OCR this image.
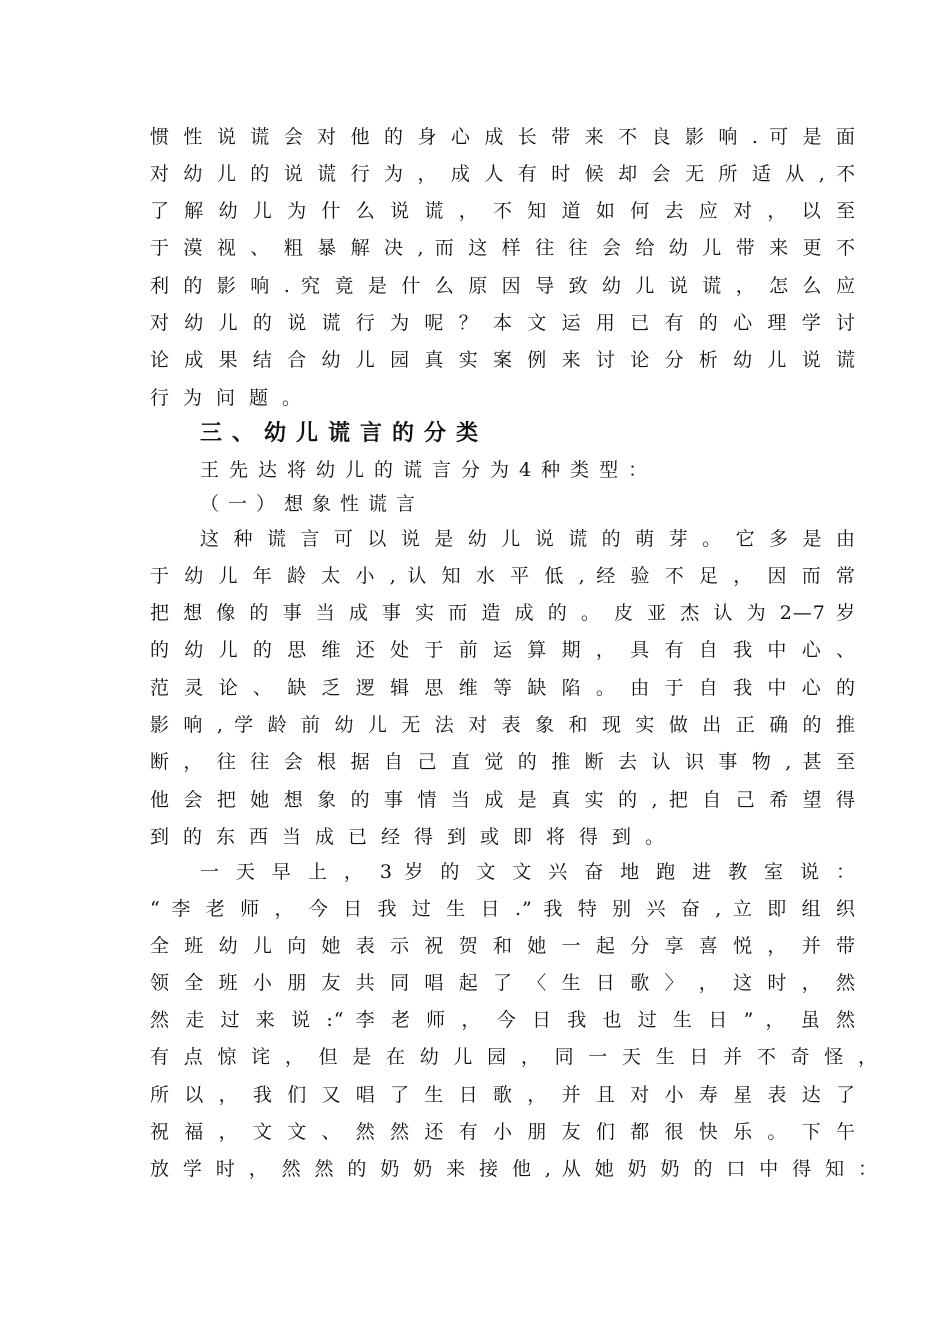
惯 性 说 谎 会 对 他 的 身 心 成 长 带 来 不 良 影 响 . 可 是 面
对 幼 儿 的 说 谎 行 为 ， 成 人 有 时 候 却 会 无 所 适 从 , 不
了 解 幼 儿 为 什 么 说 谎 ， 不 知 道 如 何 去 应 对 ， 以 至
于 漠 视 、 粗 暴 解 决 , 而 这 样 往 往 会 给 幼 儿 带 来 更 不
利 的 影 响 . 究 竟 是 什 么 原 因 导 致 幼 儿 说 谎 ， 怎 么 应
对 幼 儿 的 说 谎 行 为 呢 ？ 本 文 运 用 已 有 的 心 理 学 讨
论 成 果 结 合 幼 儿 园 真 实 案 例 来 讨 论 分 析 幼 儿 说 谎
行为问题。
三、幼儿谎言的分类
王先达将幼儿的谎言分为4种类型：
（一）想象性谎言
这 种 谎 言 可 以 说 是 幼 儿 说 谎 的 萌 芽 。 它 多 是 由
于 幼 儿 年 龄 太 小 , 认 知 水 平 低 , 经 验 不 足 ， 因 而 常
把 想 像 的 事 当 成 事 实 而 造 成 的 。 皮 亚 杰 认 为 2—7 岁
的 幼 儿 的 思 维 还 处 于 前 运 算 期 ， 具 有 自 我 中 心 、
范 灵 论 、 缺 乏 逻 辑 思 维 等 缺 陷 。 由 于 自 我 中 心 的
影 响 , 学 龄 前 幼 儿 无 法 对 表 象 和 现 实 做 出 正 确 的 推
断 ， 往 往 会 根 据 自 己 直 觉 的 推 断 去 认 识 事 物 , 甚 至
他 会 把 她 想 象 的 事 情 当 成 是 真 实 的 , 把 自 己 希 望 得
到的东西当成已经得到或即将得到。
一 天 早 上 ， 3 岁 的 文 文 兴 奋 地 跑 进 教 室 说 ：
“ 李 老 师 ， 今 日 我 过 生 日 .” 我 特 别 兴 奋 , 立 即 组 织
全 班 幼 儿 向 她 表 示 祝 贺 和 她 一 起 分 享 喜 悦 ， 并 带
领 全 班 小 朋 友 共 同 唱 起 了 〈 生 日 歌 〉 ， 这 时 ， 然
然 走 过 来 说 :“ 李 老 师 ， 今 日 我 也 过 生 日 ” ， 虽 然
有 点 惊 诧 ， 但 是 在 幼 儿 园 ， 同 一 天 生 日 并 不 奇 怪 ，
所 以 ， 我 们 又 唱 了 生 日 歌 ， 并 且 对 小 寿 星 表 达 了
祝 福 ， 文 文 、 然 然 还 有 小 朋 友 们 都 很 快 乐 。 下 午
放 学 时 ， 然 然 的 奶 奶 来 接 他 , 从 她 奶 奶 的 口 中 得 知 ：
